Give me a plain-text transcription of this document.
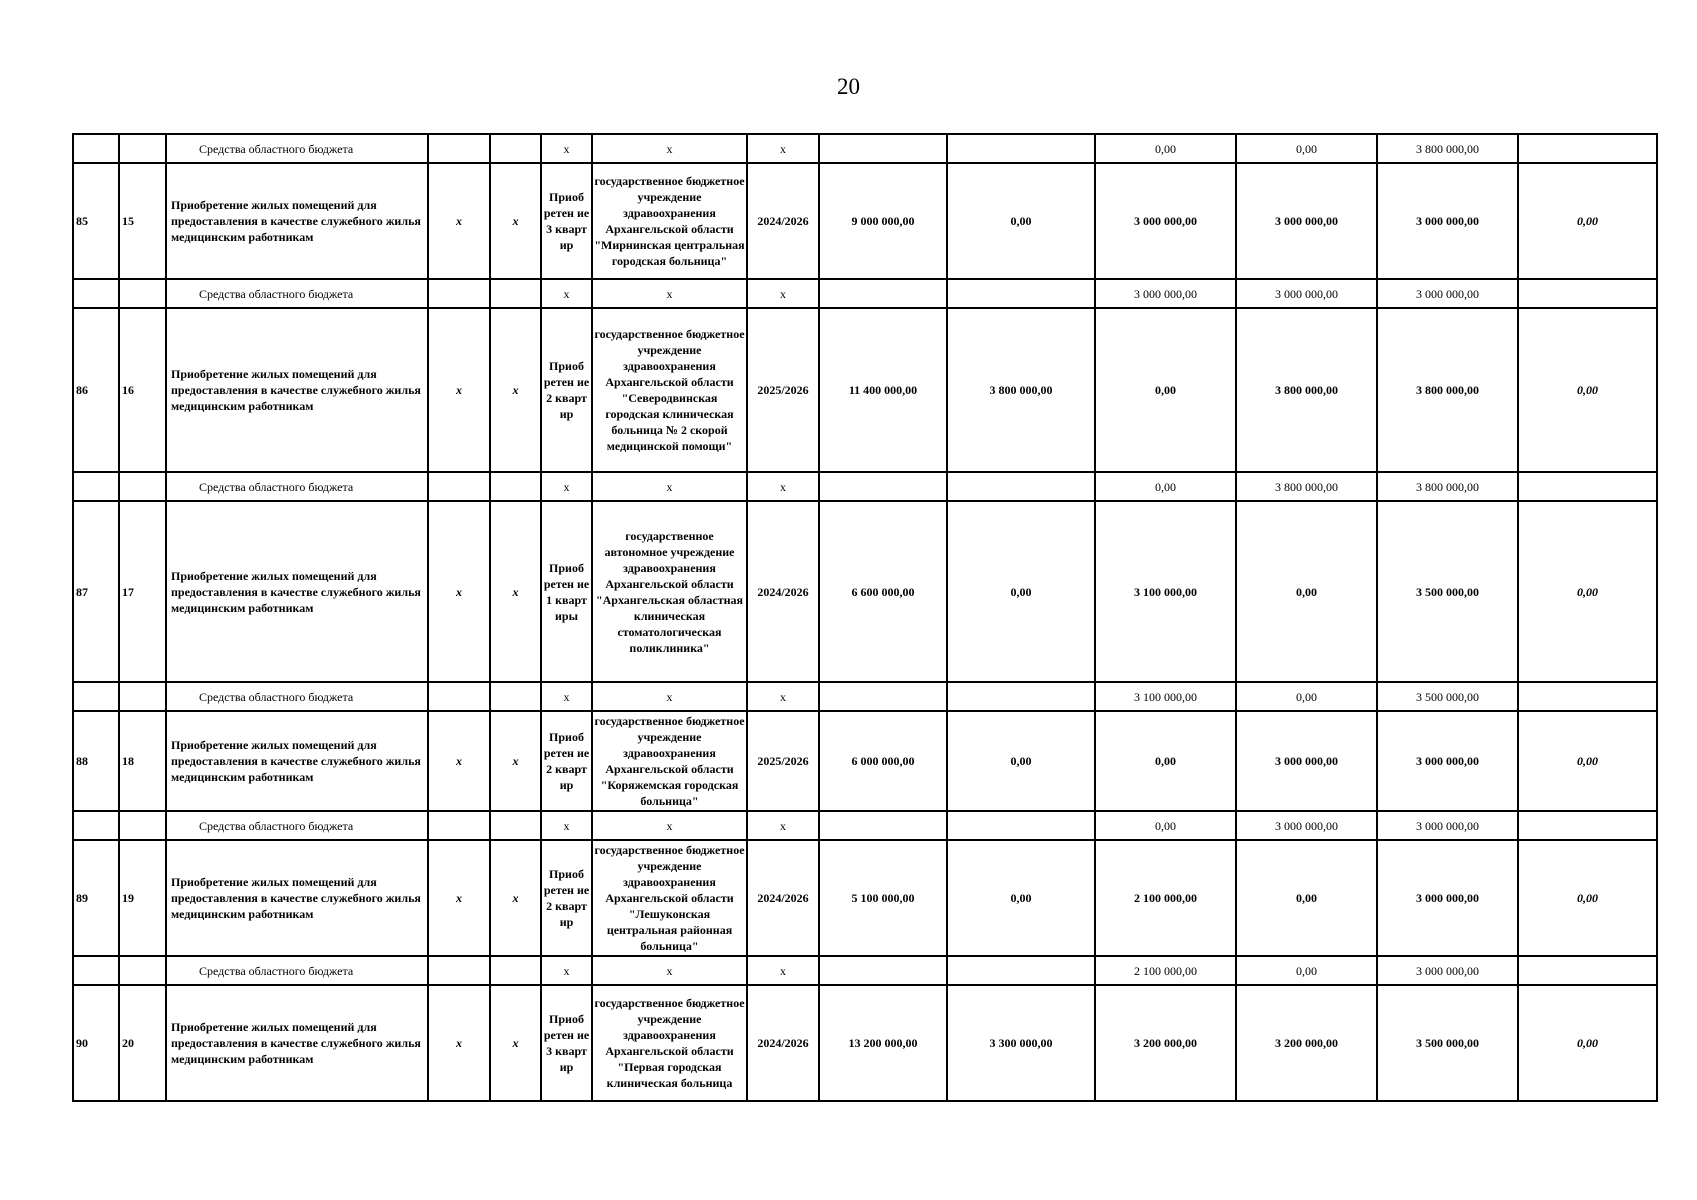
20
		Средства областного бюджета			х	х	х			0,00	0,00	3 800 000,00	
85	15	Приобретение жилых помещений для предоставления в качестве служебного жилья медицинским работникам	х	х	Приоб ретен ие 3 кварт ир	государственное бюджетное учреждение здравоохранения Архангельской области "Мирнинская центральная городская больница"	2024/2026	9 000 000,00	0,00	3 000 000,00	3 000 000,00	3 000 000,00	0,00
		Средства областного бюджета			х	х	х			3 000 000,00	3 000 000,00	3 000 000,00	
86	16	Приобретение жилых помещений для предоставления в качестве служебного жилья медицинским работникам	х	х	Приоб ретен ие 2 кварт ир	государственное бюджетное учреждение здравоохранения Архангельской области "Северодвинская городская клиническая больница № 2 скорой медицинской помощи"	2025/2026	11 400 000,00	3 800 000,00	0,00	3 800 000,00	3 800 000,00	0,00
		Средства областного бюджета			х	х	х			0,00	3 800 000,00	3 800 000,00	
87	17	Приобретение жилых помещений для предоставления в качестве служебного жилья медицинским работникам	х	х	Приоб ретен ие 1 кварт иры	государственное автономное учреждение здравоохранения Архангельской области "Архангельская областная клиническая стоматологическая поликлиника"	2024/2026	6 600 000,00	0,00	3 100 000,00	0,00	3 500 000,00	0,00
		Средства областного бюджета			х	х	х			3 100 000,00	0,00	3 500 000,00	
88	18	Приобретение жилых помещений для предоставления в качестве служебного жилья медицинским работникам	х	х	Приоб ретен ие 2 кварт ир	государственное бюджетное учреждение здравоохранения Архангельской области "Коряжемская городская больница"	2025/2026	6 000 000,00	0,00	0,00	3 000 000,00	3 000 000,00	0,00
		Средства областного бюджета			х	х	х			0,00	3 000 000,00	3 000 000,00	
89	19	Приобретение жилых помещений для предоставления в качестве служебного жилья медицинским работникам	х	х	Приоб ретен ие 2 кварт ир	государственное бюджетное учреждение здравоохранения Архангельской области "Лешуконская центральная районная больница"	2024/2026	5 100 000,00	0,00	2 100 000,00	0,00	3 000 000,00	0,00
		Средства областного бюджета			х	х	х			2 100 000,00	0,00	3 000 000,00	
90	20	Приобретение жилых помещений для предоставления в качестве служебного жилья медицинским работникам	х	х	Приоб ретен ие 3 кварт ир	государственное бюджетное учреждение здравоохранения Архангельской области "Первая городская клиническая больница	2024/2026	13 200 000,00	3 300 000,00	3 200 000,00	3 200 000,00	3 500 000,00	0,00
